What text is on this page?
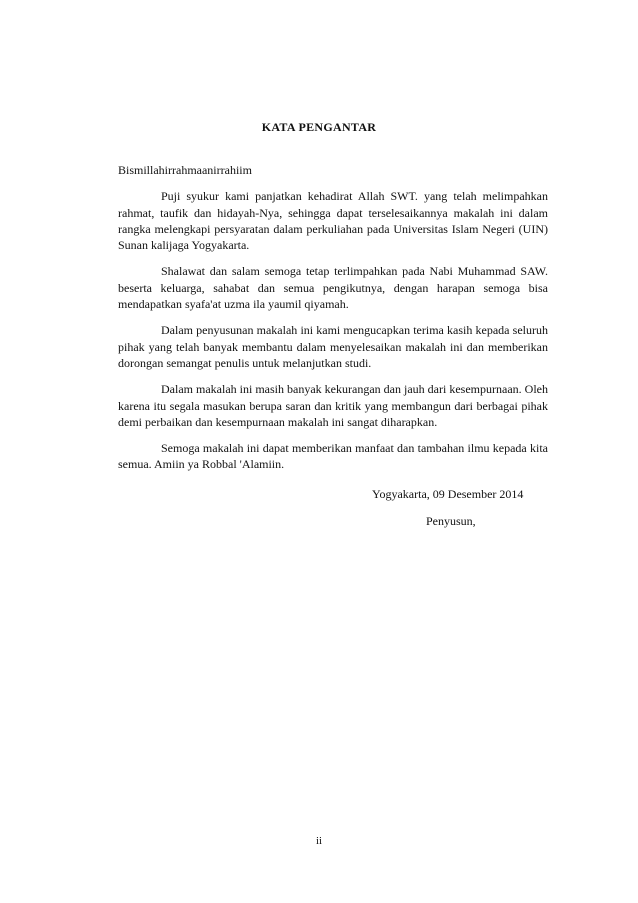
KATA PENGANTAR

Bismillahirrahmaanirrahiim

Puji syukur kami panjatkan kehadirat Allah SWT. yang telah melimpahkan rahmat, taufik dan hidayah-Nya, sehingga dapat terselesaikannya makalah ini dalam rangka melengkapi persyaratan dalam perkuliahan pada Universitas Islam Negeri (UIN) Sunan kalijaga Yogyakarta.

Shalawat dan salam semoga tetap terlimpahkan pada Nabi Muhammad SAW. beserta keluarga, sahabat dan semua pengikutnya, dengan harapan semoga bisa mendapatkan syafa'at uzma ila yaumil qiyamah.

Dalam penyusunan makalah ini kami mengucapkan terima kasih kepada seluruh pihak yang telah banyak membantu dalam menyelesaikan makalah ini dan memberikan dorongan semangat penulis untuk melanjutkan studi.

Dalam makalah ini masih banyak kekurangan dan jauh dari kesempurnaan. Oleh karena itu segala masukan berupa saran dan kritik yang membangun dari berbagai pihak demi perbaikan dan kesempurnaan makalah ini sangat diharapkan.

Semoga makalah ini dapat memberikan manfaat dan tambahan ilmu kepada kita semua. Amiin ya Robbal 'Alamiin.

Yogyakarta, 09 Desember 2014
Penyusun,
ii
